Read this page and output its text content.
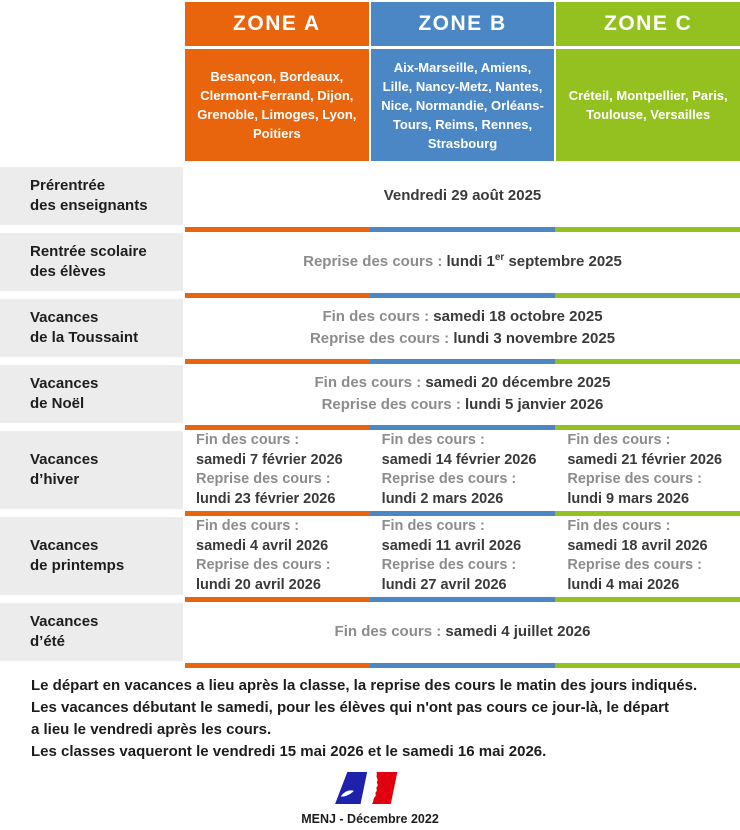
ZONE A	ZONE B	ZONE C
Besançon, Bordeaux, Clermont-Ferrand, Dijon, Grenoble, Limoges, Lyon, Poitiers
Aix-Marseille, Amiens, Lille, Nancy-Metz, Nantes, Nice, Normandie, Orléans-Tours, Reims, Rennes, Strasbourg
Créteil, Montpellier, Paris, Toulouse, Versailles
Prérentrée
des enseignants
Vendredi 29 août 2025
Rentrée scolaire
des élèves
Reprise des cours : lundi 1er septembre 2025
Vacances
de la Toussaint
Fin des cours : samedi 18 octobre 2025
Reprise des cours : lundi 3 novembre 2025
Vacances
de Noël
Fin des cours : samedi 20 décembre 2025
Reprise des cours : lundi 5 janvier 2026
Vacances
d’hiver
Fin des cours :
samedi 7 février 2026
Reprise des cours :
lundi 23 février 2026
Fin des cours :
samedi 14 février 2026
Reprise des cours :
lundi 2 mars 2026
Fin des cours :
samedi 21 février 2026
Reprise des cours :
lundi 9 mars 2026
Vacances
de printemps
Fin des cours :
samedi 4 avril 2026
Reprise des cours :
lundi 20 avril 2026
Fin des cours :
samedi 11 avril 2026
Reprise des cours :
lundi 27 avril 2026
Fin des cours :
samedi 18 avril 2026
Reprise des cours :
lundi 4 mai 2026
Vacances
d’été
Fin des cours : samedi 4 juillet 2026
Le départ en vacances a lieu après la classe, la reprise des cours le matin des jours indiqués.
Les vacances débutant le samedi, pour les élèves qui n'ont pas cours ce jour-là, le départ
a lieu le vendredi après les cours.
Les classes vaqueront le vendredi 15 mai 2026 et le samedi 16 mai 2026.
MENJ - Décembre 2022
